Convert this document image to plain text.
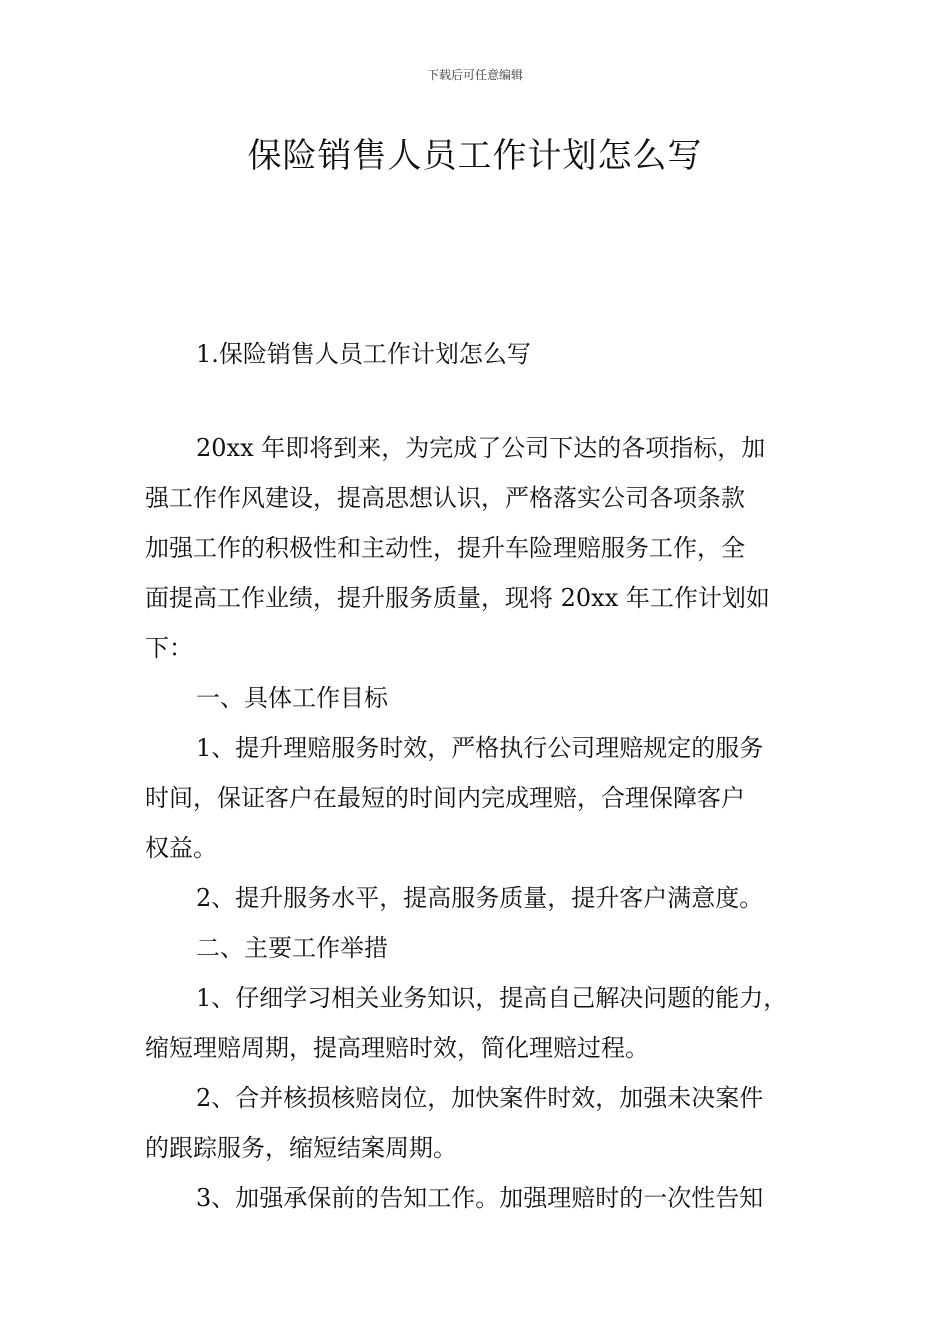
下载后可任意编辑
保险销售人员工作计划怎么写
1.保险销售人员工作计划怎么写

20xx 年即将到来，为完成了公司下达的各项指标，加

强工作作风建设，提高思想认识，严格落实公司各项条款

加强工作的积极性和主动性，提升车险理赔服务工作，全

面提高工作业绩，提升服务质量，现将 20xx 年工作计划如

下：

一、具体工作目标

1、提升理赔服务时效，严格执行公司理赔规定的服务

时间，保证客户在最短的时间内完成理赔，合理保障客户

权益。

2、提升服务水平，提高服务质量，提升客户满意度。

二、主要工作举措

1、仔细学习相关业务知识，提高自己解决问题的能力，

缩短理赔周期，提高理赔时效，简化理赔过程。

2、合并核损核赔岗位，加快案件时效，加强未决案件

的跟踪服务，缩短结案周期。

3、加强承保前的告知工作。加强理赔时的一次性告知
